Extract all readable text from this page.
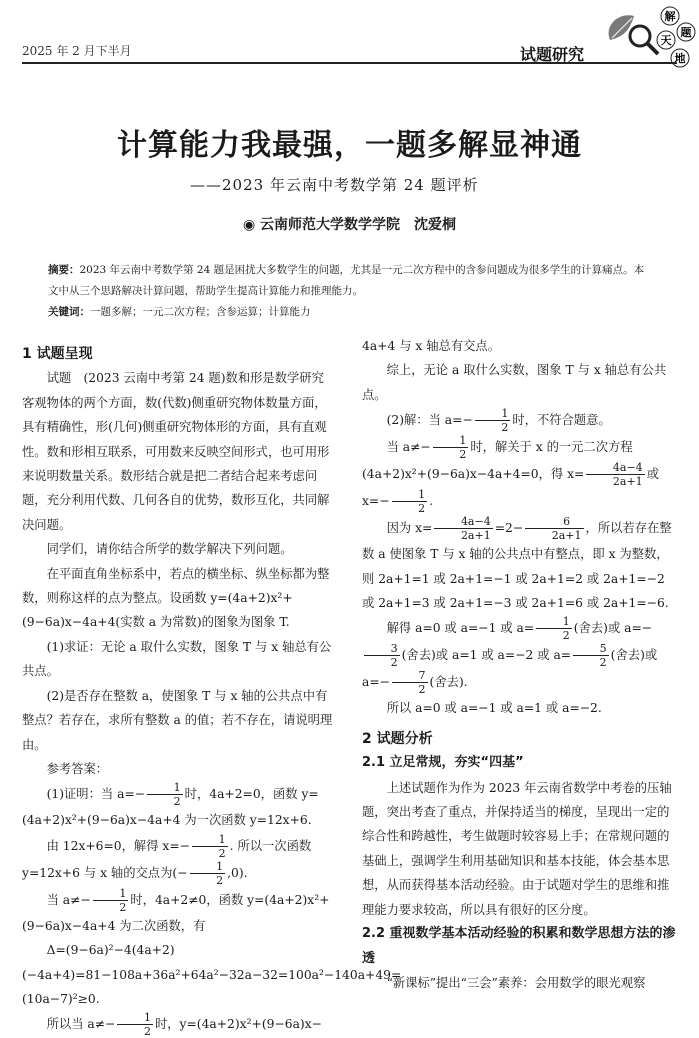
2025 年 2 月下半月	试题研究
解
题
天
地
计算能力我最强，一题多解显神通
——2023 年云南中考数学第 24 题评析
◉ 云南师范大学数学学院　沈爱桐
摘要：2023 年云南中考数学第 24 题是困扰大多数学生的问题，尤其是一元二次方程中的含参问题成为很多学生的计算痛点。本文中从三个思路解决计算问题，帮助学生提高计算能力和推理能力。
关键词：一题多解；一元二次方程；含参运算；计算能力

1 试题呈现

试题　(2023 云南中考第 24 题)数和形是数学研究客观物体的两个方面，数(代数)侧重研究物体数量方面，具有精确性，形(几何)侧重研究物体形的方面，具有直观性。数和形相互联系，可用数来反映空间形式，也可用形来说明数量关系。数形结合就是把二者结合起来考虑问题，充分利用代数、几何各自的优势，数形互化，共同解决问题。

同学们，请你结合所学的数学解决下列问题。

在平面直角坐标系中，若点的横坐标、纵坐标都为整数，则称这样的点为整点。设函数 y=(4a+2)x²+(9−6a)x−4a+4(实数 a 为常数)的图象为图象 T.

(1)求证：无论 a 取什么实数，图象 T 与 x 轴总有公共点。

(2)是否存在整数 a，使图象 T 与 x 轴的公共点中有整点？若存在，求所有整数 a 的值；若不存在，请说明理由。

参考答案：

(1)证明：当 $a=- \frac{1}{2}$ 时，4a+2=0，函数 y=(4a+2)x²+(9−6a)x−4a+4 为一次函数 y=12x+6.

由 12x+6=0，解得 $x=- \frac{1}{2}$ . 所以一次函数 y=12x+6 与 x 轴的交点为(− $\frac{1}{2} ,0$).

当 $a\ne- \frac{1}{2}$ 时，4a+2≠0，函数 y=(4a+2)x²+(9−6a)x−4a+4 为二次函数，有

Δ=(9−6a)²−4(4a+2)(−4a+4)=81−108a+36a²+64a²−32a−32=100a²−140a+49=(10a−7)²≥0.

所以当 $a\ne- \frac{1}{2}$ 时，y=(4a+2)x²+(9−6a)x−

4a+4 与 x 轴总有交点。

综上，无论 a 取什么实数，图象 T 与 x 轴总有公共点。

(2)解：当 $a=- \frac{1}{2}$ 时，不符合题意。

当 $a\ne- \frac{1}{2}$ 时，解关于 x 的一元二次方程(4a+2)x²+(9−6a)x−4a+4=0，得 $x= \frac{4a-4}{2a+1}$ 或 $x=- \frac{1}{2}$ .

因为 $x= \frac{4a-4}{2a+1} =2- \frac{6}{2a+1}$ ，所以若存在整数 a 使图象 T 与 x 轴的公共点中有整点，即 x 为整数，则 2a+1=1 或 2a+1=−1 或 2a+1=2 或 2a+1=−2 或 2a+1=3 或 2a+1=−3 或 2a+1=6 或 2a+1=−6.

解得 a=0 或 a=−1 或 $a= \frac{1}{2}$ (舍去)或 a=−
$\frac{3}{2}$ (舍去)或 a=1 或 a=−2 或 $a= \frac{5}{2}$ (舍去)或 $a=- \frac{7}{2}$ (舍去).

所以 a=0 或 a=−1 或 a=1 或 a=−2.

2 试题分析

2.1 立足常规，夯实“四基”

上述试题作为作为 2023 年云南省数学中考卷的压轴题，突出考查了重点，并保持适当的梯度，呈现出一定的综合性和跨越性，考生做题时较容易上手；在常规问题的基础上，强调学生利用基础知识和基本技能，体会基本思想，从而获得基本活动经验。由于试题对学生的思维和推理能力要求较高，所以具有很好的区分度。

2.2 重视数学基本活动经验的积累和数学思想方法的渗透

“新课标”提出“三会”素养：会用数学的眼光观察
